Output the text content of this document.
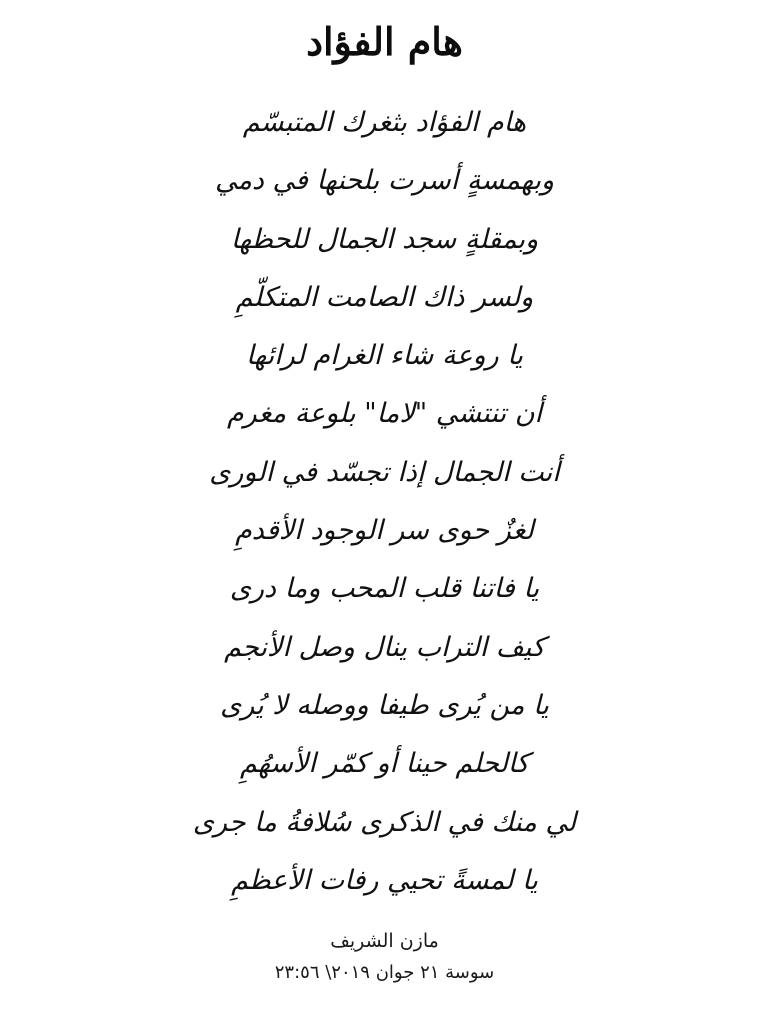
هام الفؤاد
هام الفؤاد بثغرك المتبسّم
وبهمسةٍ أسرت بلحنها في دمي
وبمقلةٍ سجد الجمال للحظها
ولسر ذاك الصامت المتكلّمِ
يا روعة شاء الغرام لرائها
أن تنتشي "لاما" بلوعة مغرم
أنت الجمال إذا تجسّد في الورى
لغزٌ حوى سر الوجود الأقدمِ
يا فاتنا قلب المحب وما درى
كيف التراب ينال وصل الأنجم
يا من يُرى طيفا ووصله لا يُرى
كالحلم حينا أو كمّر الأسهُمِ
لي منك في الذكرى سُلافةُ ما جرى
يا لمسةً تحيي رفات الأعظمِ
مازن الشريف
سوسة ٢١ جوان ٢٠١٩\ ٢٣:٥٦
